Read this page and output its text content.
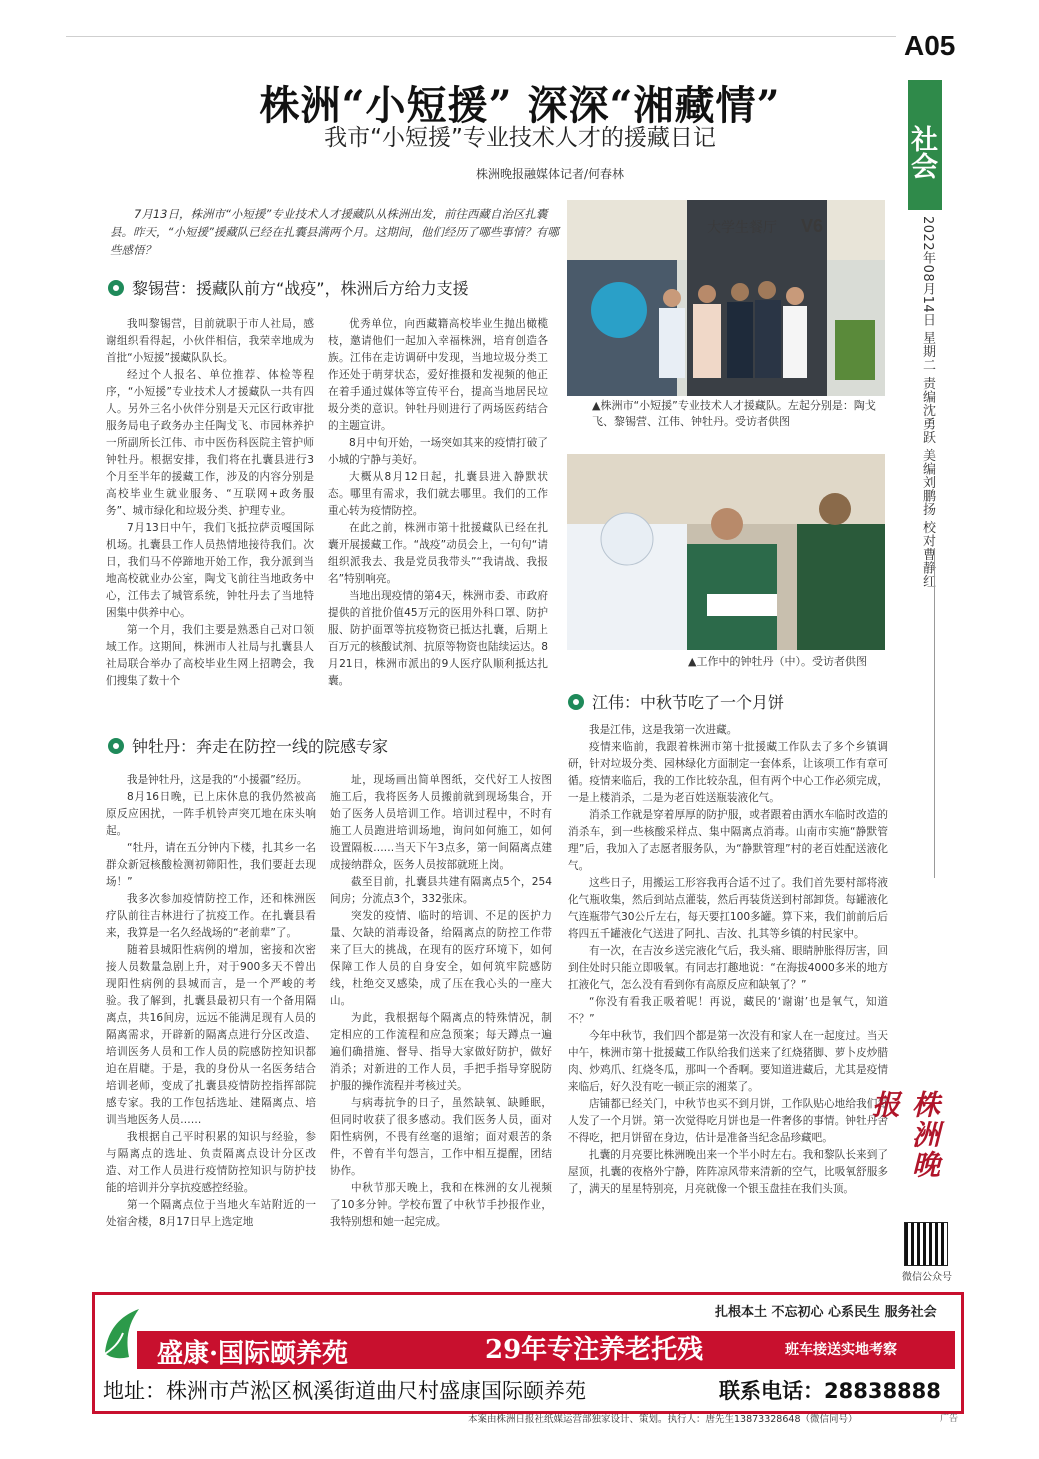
A05
社会
2022年08月14日 星期二 责编沈勇跃 美编刘鹏扬 校对曹静红
株洲“小短援” 深深“湘藏情”
我市“小短援”专业技术人才的援藏日记
株洲晚报融媒体记者/何春林
7月13日，株洲市“小短援”专业技术人才援藏队从株洲出发，前往西藏自治区扎囊县。昨天，“小短援”援藏队已经在扎囊县满两个月。这期间，他们经历了哪些事情？有哪些感悟？
黎锡营：援藏队前方“战疫”，株洲后方给力支援

我叫黎锡营，目前就职于市人社局，感谢组织看得起，小伙伴相信，我荣幸地成为首批“小短援”援藏队队长。

经过个人报名、单位推荐、体检等程序，“小短援”专业技术人才援藏队一共有四人。另外三名小伙伴分别是天元区行政审批服务局电子政务办主任陶戈飞、市园林养护一所副所长江伟、市中医伤科医院主管护师钟牡丹。根据安排，我们将在扎囊县进行3个月至半年的援藏工作，涉及的内容分别是高校毕业生就业服务、“互联网+政务服务”、城市绿化和垃圾分类、护理专业。

7月13日中午，我们飞抵拉萨贡嘎国际机场。扎囊县工作人员热情地接待我们。次日，我们马不停蹄地开始工作，我分派到当地高校就业办公室，陶戈飞前往当地政务中心，江伟去了城管系统，钟牡丹去了当地特困集中供养中心。

第一个月，我们主要是熟悉自己对口领域工作。这期间，株洲市人社局与扎囊县人社局联合举办了高校毕业生网上招聘会，我们搜集了数十个

优秀单位，向西藏籍高校毕业生抛出橄榄枝，邀请他们一起加入幸福株洲，培育创造各族。江伟在走访调研中发现，当地垃圾分类工作还处于萌芽状态，爱好推摄和发视频的他正在着手通过媒体等宣传平台，提高当地居民垃圾分类的意识。钟牡丹则进行了两场医药结合的主题宣讲。

8月中旬开始，一场突如其来的疫情打破了小城的宁静与美好。

大概从8月12日起，扎囊县进入静默状态。哪里有需求，我们就去哪里。我们的工作重心转为疫情防控。

在此之前，株洲市第十批援藏队已经在扎囊开展援藏工作。“战疫”动员会上，一句句“请组织派我去、我是党员我带头”“我请战、我报名”特别响亮。

当地出现疫情的第4天，株洲市委、市政府提供的首批价值45万元的医用外科口罩、防护服、防护面罩等抗疫物资已抵达扎囊，后期上百万元的核酸试剂、抗原等物资也陆续运达。8月21日，株洲市派出的9人医疗队顺利抵达扎囊。

钟牡丹：奔走在防控一线的院感专家

我是钟牡丹，这是我的“小援疆”经历。

8月16日晚，已上床休息的我仍然被高原反应困扰，一阵手机铃声突兀地在床头响起。

“牡丹，请在五分钟内下楼，扎其乡一名群众新冠核酸检测初筛阳性，我们要赶去现场！”

我多次参加疫情防控工作，还和株洲医疗队前往吉林进行了抗疫工作。在扎囊县看来，我算是一名久经战场的“老前辈”了。

随着县城阳性病例的增加，密接和次密接人员数量急剧上升，对于900多天不曾出现阳性病例的县城而言，是一个严峻的考验。我了解到，扎囊县最初只有一个备用隔离点，共16间房，远远不能满足现有人员的隔离需求，开辟新的隔离点进行分区改造、培训医务人员和工作人员的院感防控知识都迫在眉睫。于是，我的身份从一名医务结合培训老师，变成了扎囊县疫情防控指挥部院感专家。我的工作包括选址、建隔离点、培训当地医务人员……

我根据自己平时积累的知识与经验，参与隔离点的选址、负责隔离点设计分区改造、对工作人员进行疫情防控知识与防护技能的培训并分享抗疫感控经验。

第一个隔离点位于当地火车站附近的一处宿舍楼，8月17日早上选定地

址，现场画出简单图纸，交代好工人按图施工后，我将医务人员搬前就到现场集合，开始了医务人员培训工作。培训过程中，不时有施工人员跑进培训场地，询问如何施工，如何设置隔板……当天下午3点多，第一间隔离点建成接纳群众，医务人员按部就班上岗。

截至目前，扎囊县共建有隔离点5个，254间房；分流点3个，332张床。

突发的疫情、临时的培训、不足的医护力量、欠缺的消毒设备，给隔离点的防控工作带来了巨大的挑战，在现有的医疗环境下，如何保障工作人员的自身安全，如何筑牢院感防线，杜绝交叉感染，成了压在我心头的一座大山。

为此，我根据每个隔离点的特殊情况，制定相应的工作流程和应急预案；每天蹲点一遍遍们确措施、督导、指导大家做好防护，做好消杀；对新进的工作人员，手把手指导穿脱防护服的操作流程并考核过关。

与病毒抗争的日子，虽然缺氧、缺睡眠，但同时收获了很多感动。我们医务人员，面对阳性病例，不畏有丝毫的退缩；面对艰苦的条件，不曾有半句怨言，工作中相互提醒，团结协作。

中秋节那天晚上，我和在株洲的女儿视频了10多分钟。学校布置了中秋节手抄报作业，我特别想和她一起完成。

大学生餐厅 V6
▲株洲市“小短援”专业技术人才援藏队。左起分别是：陶戈飞、黎锡营、江伟、钟牡丹。受访者供图
▲工作中的钟牡丹（中）。受访者供图
江伟：中秋节吃了一个月饼

我是江伟，这是我第一次进藏。

疫情来临前，我跟着株洲市第十批援藏工作队去了多个乡镇调研，针对垃圾分类、园林绿化方面制定一套体系，让该项工作有章可循。疫情来临后，我的工作比较杂乱，但有两个中心工作必须完成，一是上楼消杀，二是为老百姓送瓶装液化气。

消杀工作就是穿着厚厚的防护服，或者跟着由洒水车临时改造的消杀车，到一些核酸采样点、集中隔离点消毒。山南市实施“静默管理”后，我加入了志愿者服务队，为“静默管理”村的老百姓配送液化气。

这些日子，用搬运工形容我再合适不过了。我们首先要村部将液化气瓶收集，然后到站点灌装，然后再装货送到村部卸货。每罐液化气连瓶带气30公斤左右，每天要扛100多罐。算下来，我们前前后后将四五千罐液化气送进了阿扎、吉汝、扎其等乡镇的村民家中。

有一次，在吉汝乡送完液化气后，我头痛、眼睛肿胀得厉害，回到住处时只能立即吸氧。有同志打趣地说：“在海拔4000多米的地方扛液化气，怎么没有看到你有高原反应和缺氧了？”

“你没有看我正吸着呢！再说，藏民的‘谢谢’也是氧气，知道不？”

今年中秋节，我们四个都是第一次没有和家人在一起度过。当天中午，株洲市第十批援藏工作队给我们送来了红烧猪脚、萝卜皮炒腊肉、炒鸡爪、红烧冬瓜，那叫一个香啊。要知道进藏后，尤其是疫情来临后，好久没有吃一顿正宗的湘菜了。

店铺都已经关门，中秋节也买不到月饼，工作队贴心地给我们每人发了一个月饼。第一次觉得吃月饼也是一件奢侈的事情。钟牡丹舍不得吃，把月饼留在身边，估计是准备当纪念品珍藏吧。

扎囊的月亮要比株洲晚出来一个半小时左右。我和黎队长来到了屋顶，扎囊的夜格外宁静，阵阵凉风带来清新的空气，比吸氧舒服多了，满天的星星特别亮，月亮就像一个银玉盘挂在我们头顶。

株洲晚报
微信公众号
扎根本土 不忘初心 心系民生 服务社会
盛康·国际颐养苑	29年专注养老托残	班车接送实地考察
地址：株洲市芦淞区枫溪街道曲尺村盛康国际颐养苑	联系电话：28838888
本案由株洲日报社纸媒运营部独家设计、策划。执行人：唐先生13873328648（微信同号）	广告
